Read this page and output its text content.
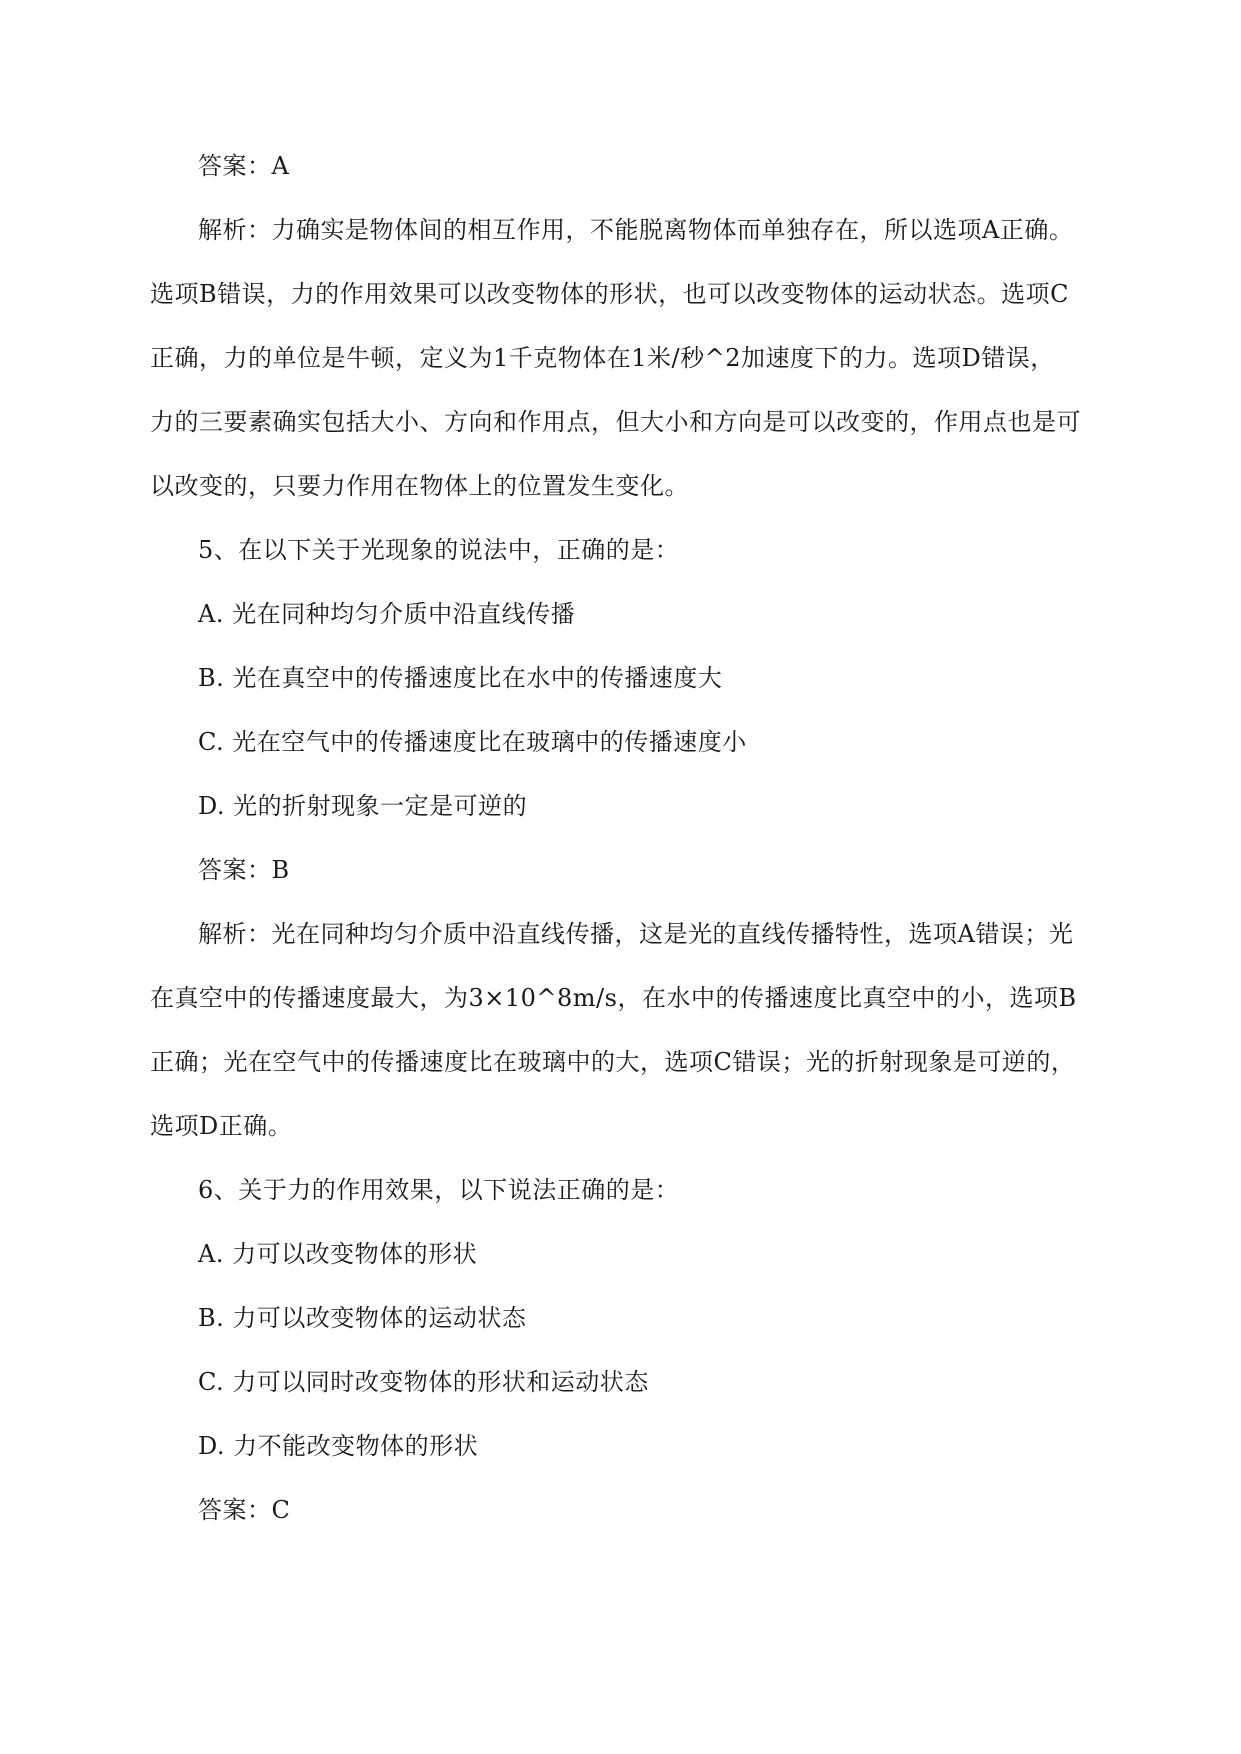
答案：A
解析：力确实是物体间的相互作用，不能脱离物体而单独存在，所以选项A正确。
选项B错误，力的作用效果可以改变物体的形状，也可以改变物体的运动状态。选项C
正确，力的单位是牛顿，定义为1千克物体在1米/秒^2加速度下的力。选项D错误，
力的三要素确实包括大小、方向和作用点，但大小和方向是可以改变的，作用点也是可
以改变的，只要力作用在物体上的位置发生变化。
5、在以下关于光现象的说法中，正确的是：
A. 光在同种均匀介质中沿直线传播
B. 光在真空中的传播速度比在水中的传播速度大
C. 光在空气中的传播速度比在玻璃中的传播速度小
D. 光的折射现象一定是可逆的
答案：B
解析：光在同种均匀介质中沿直线传播，这是光的直线传播特性，选项A错误；光
在真空中的传播速度最大，为3×10^8m/s，在水中的传播速度比真空中的小，选项B
正确；光在空气中的传播速度比在玻璃中的大，选项C错误；光的折射现象是可逆的，
选项D正确。
6、关于力的作用效果，以下说法正确的是：
A. 力可以改变物体的形状
B. 力可以改变物体的运动状态
C. 力可以同时改变物体的形状和运动状态
D. 力不能改变物体的形状
答案：C
